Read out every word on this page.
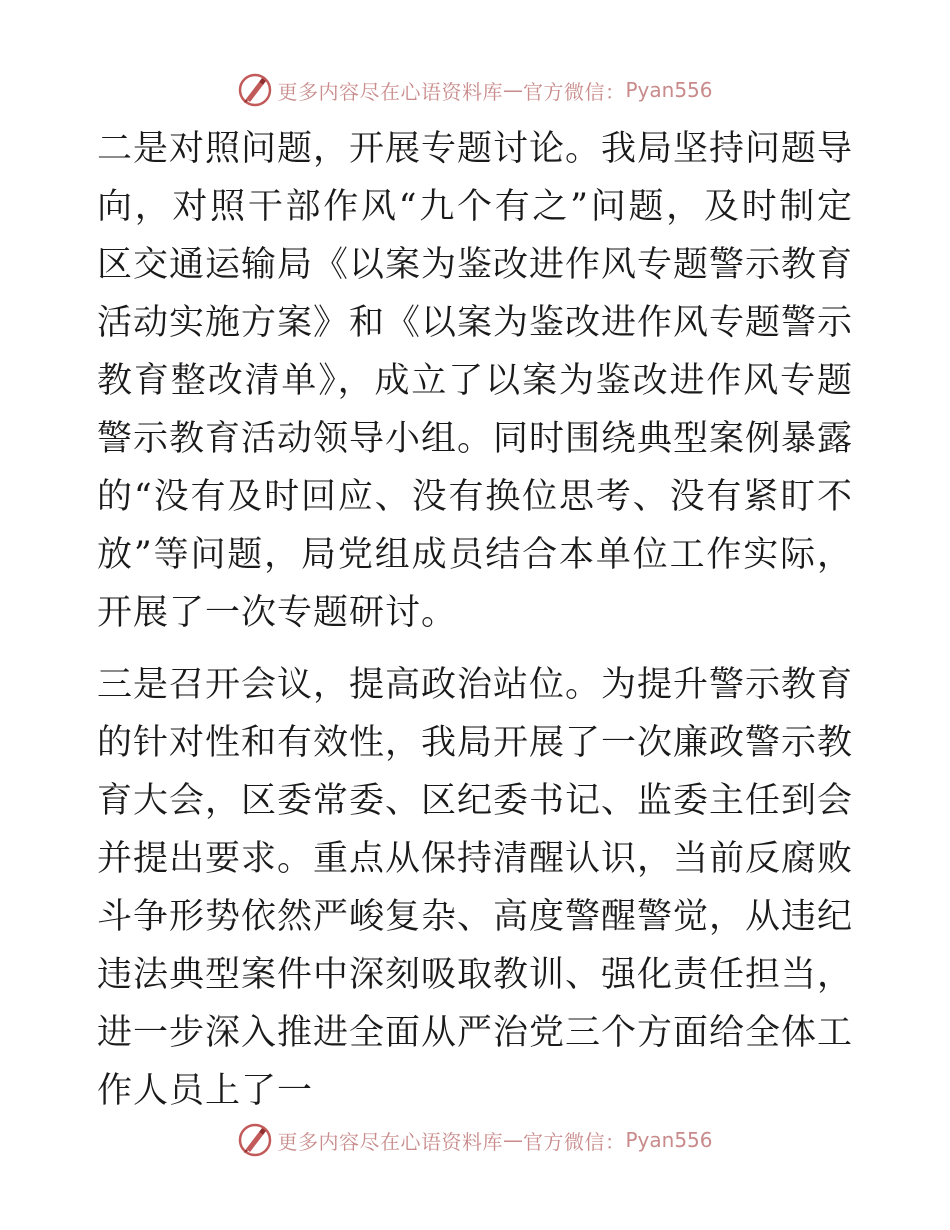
更多内容尽在心语资料库 — 官方微信： Pyan556

二是对照问题，开展专题讨论。我局坚持问题导向，对照干部作风“九个有之”问题，及时制定区交通运输局《以案为鉴改进作风专题警示教育活动实施方案》和《以案为鉴改进作风专题警示教育整改清单》，成立了以案为鉴改进作风专题警示教育活动领导小组。同时围绕典型案例暴露的“没有及时回应、没有换位思考、没有紧盯不放”等问题，局党组成员结合本单位工作实际，开展了一次专题研讨。

三是召开会议，提高政治站位。为提升警示教育的针对性和有效性，我局开展了一次廉政警示教育大会，区委常委、区纪委书记、监委主任到会并提出要求。重点从保持清醒认识，当前反腐败斗争形势依然严峻复杂、高度警醒警觉，从违纪违法典型案件中深刻吸取教训、强化责任担当，进一步深入推进全面从严治党三个方面给全体工作人员上了一

更多内容尽在心语资料库 — 官方微信： Pyan556
